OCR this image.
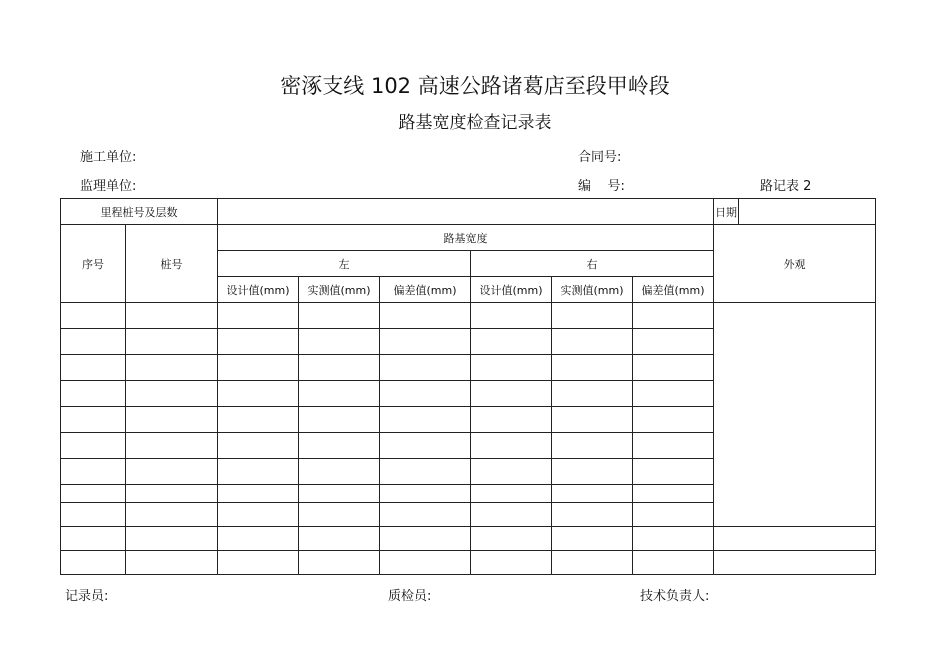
密涿支线 102 高速公路诸葛店至段甲岭段
路基宽度检查记录表
施工单位:	合同号:
监理单位:	编    号:	路记表 2
里程桩号及层数								日期	
序号	桩号	路基宽度						外观	
		左			右				
		设计值(mm)	实测值(mm)	偏差值(mm)	设计值(mm)	实测值(mm)	偏差值(mm)		

记录员:	质检员:	技术负责人:
